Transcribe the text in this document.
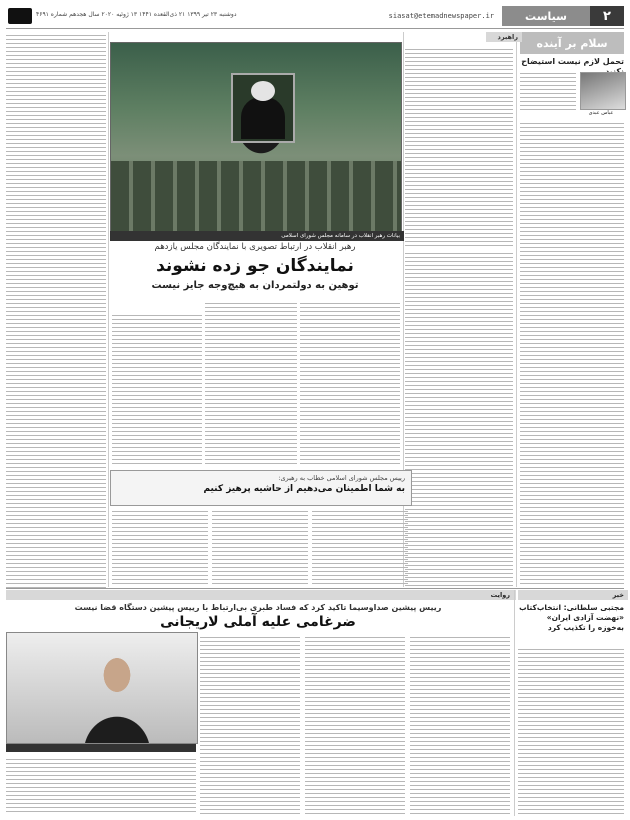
۲
سیاست
siasat@etemadnewspaper.ir
دوشنبه ۲۳ تیر ۱۳۹۹ ۲۱ ذی‌القعده ۱۴۴۱ ۱۳ ژوئیه ۲۰۲۰ سال هجدهم شماره ۴۶۹۱
سلام بر آینده
تحمل لازم نیست استیضاح
عباس عبدی
راهبرد
بیانات رهبر انقلاب در سامانه مجلس شورای اسلامی
رهبر انقلاب در ارتباط تصویری با نمایندگان مجلس یازدهم
نمایندگان جو زده نشوند
توهین به دولتمردان به هیچ‌وجه جایز نیست
رییس مجلس شورای اسلامی خطاب به رهبری:
به شما اطمینان می‌دهیم از حاشیه پرهیز کنیم
روایت
رییس پیشین صداوسیما تاکید کرد که فساد طبری بی‌ارتباط با رییس پیشین دستگاه قضا نیست
ضرغامی علیه آملی لاریجانی
خبر
مجتبی سلطانی: انتخاب‌کتاب «نهضت آزادی ایران» به‌خوزه را تکذیب کرد
